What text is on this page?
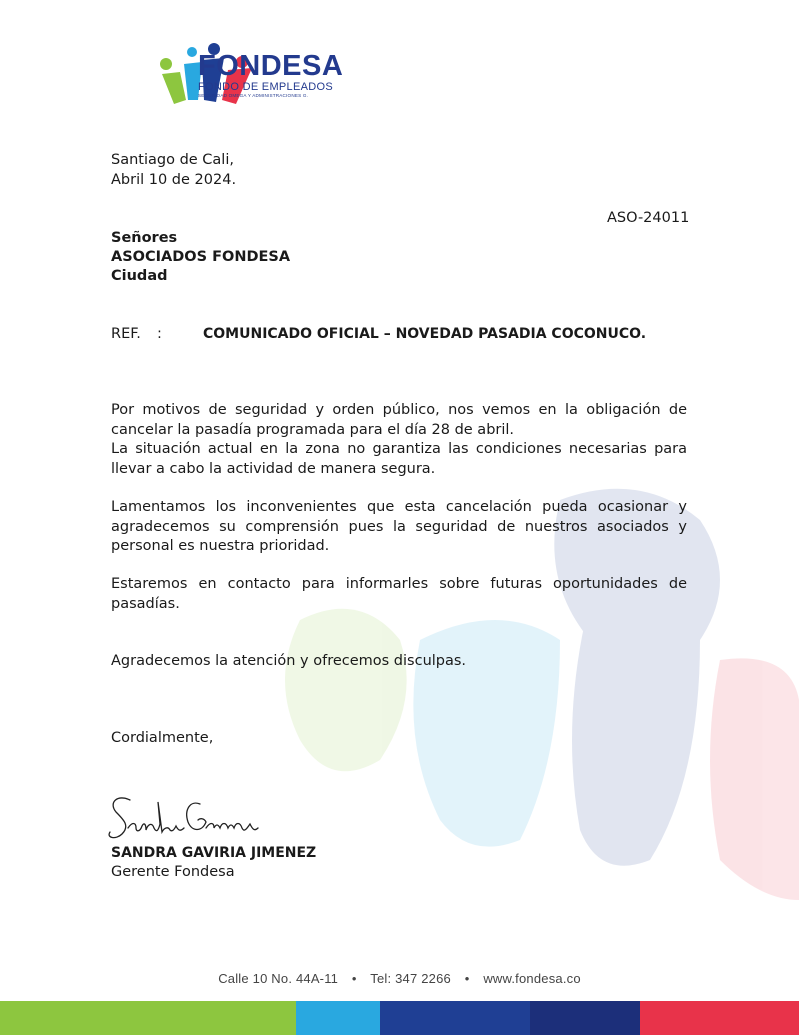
FONDESA
FONDO DE EMPLEADOS
SEGURIDAD OMEGA Y ADMINISTRACIONES G.
Santiago de Cali,
Abril 10 de 2024.
ASO-24011
Señores
ASOCIADOS FONDESA
Ciudad
REF. :	COMUNICADO OFICIAL – NOVEDAD PASADIA COCONUCO.

Por motivos de seguridad y orden público, nos vemos en la obligación de cancelar la pasadía programada para el día 28 de abril.

La situación actual en la zona no garantiza las condiciones necesarias para llevar a cabo la actividad de manera segura.

Lamentamos los inconvenientes que esta cancelación pueda ocasionar y agradecemos su comprensión pues la seguridad de nuestros asociados y personal es nuestra prioridad.

Estaremos en contacto para informarles sobre futuras oportunidades de pasadías.

Agradecemos la atención y ofrecemos disculpas.

Cordialmente,
SANDRA GAVIRIA JIMENEZ
Gerente Fondesa
Calle 10 No. 44A-11 • Tel: 347 2266 • www.fondesa.co
